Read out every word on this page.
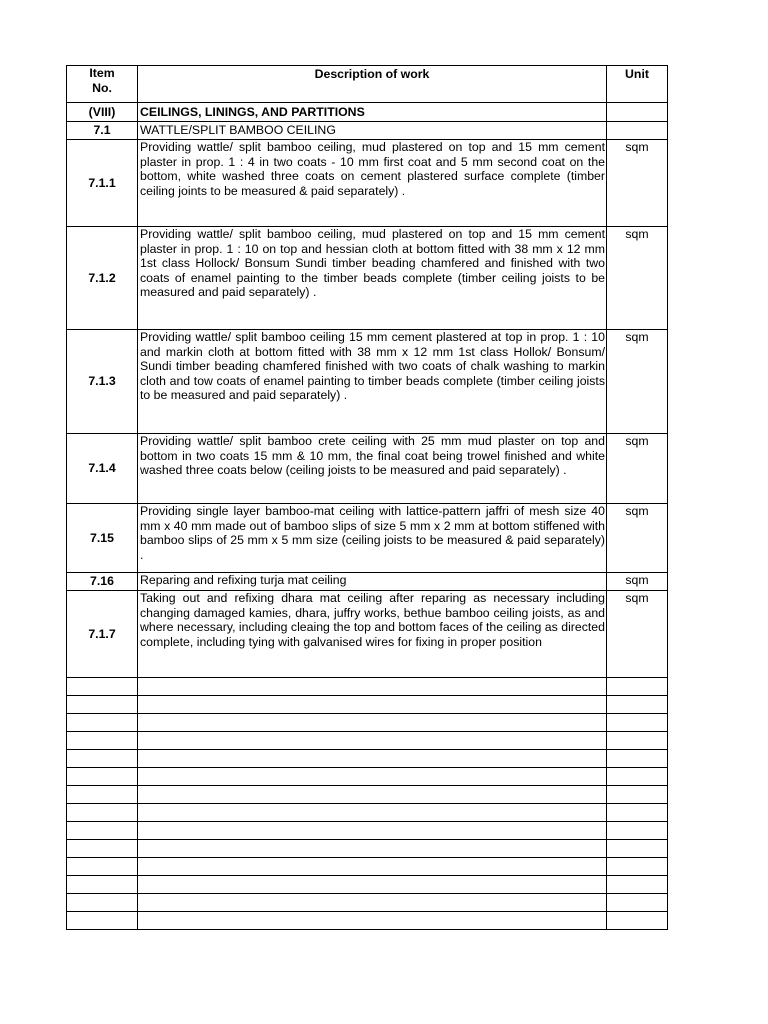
Item
No.	Description of work	Unit
(VIII)	CEILINGS, LININGS, AND PARTITIONS	
7.1	WATTLE/SPLIT BAMBOO CEILING	
7.1.1	Providing wattle/ split bamboo ceiling, mud plastered on top and 15 mm cement plaster in prop. 1 : 4 in two coats - 10 mm first coat and 5 mm second coat on the bottom, white washed three coats on cement plastered surface complete (timber ceiling joints to be measured & paid separately) .	sqm
7.1.2	Providing wattle/ split bamboo ceiling, mud plastered on top and 15 mm cement plaster in prop. 1 : 10 on top and hessian cloth at bottom fitted with 38 mm x 12 mm 1st class Hollock/ Bonsum Sundi timber beading chamfered and finished with two coats of enamel painting to the timber beads complete (timber ceiling joists to be measured and paid separately) .	sqm
7.1.3	Providing wattle/ split bamboo ceiling 15 mm cement plastered at top in prop. 1 : 10 and markin cloth at bottom fitted with 38 mm x 12 mm 1st class Hollok/ Bonsum/ Sundi timber beading chamfered finished with two coats of chalk washing to markin cloth and tow coats of enamel painting to timber beads complete (timber ceiling joists to be measured and paid separately) .	sqm
7.1.4	Providing wattle/ split bamboo crete ceiling with 25 mm mud plaster on top and bottom in two coats 15 mm & 10 mm, the final coat being trowel finished and white washed three coats below (ceiling joists to be measured and paid separately) .	sqm
7.15	Providing single layer bamboo-mat ceiling with lattice-pattern jaffri of mesh size 40 mm x 40 mm made out of bamboo slips of size 5 mm x 2 mm at bottom stiffened with bamboo slips of 25 mm x 5 mm size (ceiling joists to be measured & paid separately) .	sqm
7.16	Reparing and refixing turja mat ceiling	sqm
7.1.7	Taking out and refixing dhara mat ceiling after reparing as necessary including changing damaged kamies, dhara, juffry works, bethue bamboo ceiling joists, as and where necessary, including cleaing the top and bottom faces of the ceiling as directed complete, including tying with galvanised wires for fixing in proper position	sqm
